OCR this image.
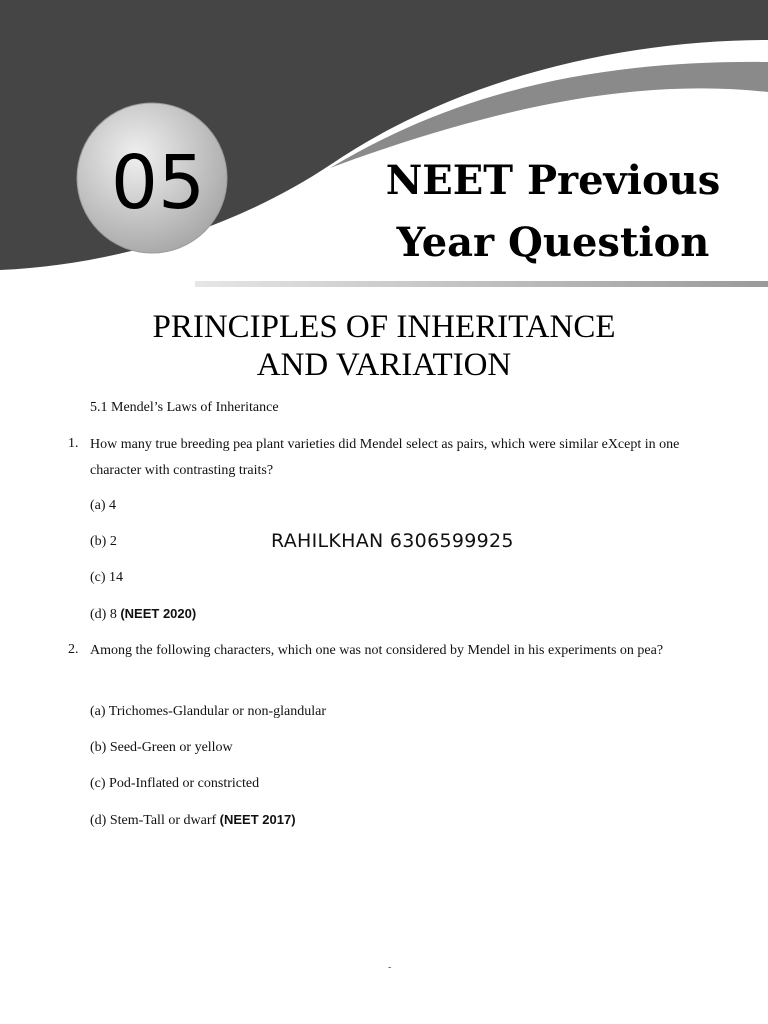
05	NEET Previous
Year Question
PRINCIPLES OF INHERITANCE
AND VARIATION
5.1 Mendel’s Laws of Inheritance
1. How many true breeding pea plant varieties did Mendel select as pairs, which were similar eXcept in one character with contrasting traits?
(a) 4
(b) 2
(c) 14
(d) 8 (NEET 2020)
RAHILKHAN 6306599925
2. Among the following characters, which one was not considered by Mendel in his experiments on pea?
(a) Trichomes-Glandular or non-glandular
(b) Seed-Green or yellow
(c) Pod-Inflated or constricted
(d) Stem-Tall or dwarf (NEET 2017)
-
